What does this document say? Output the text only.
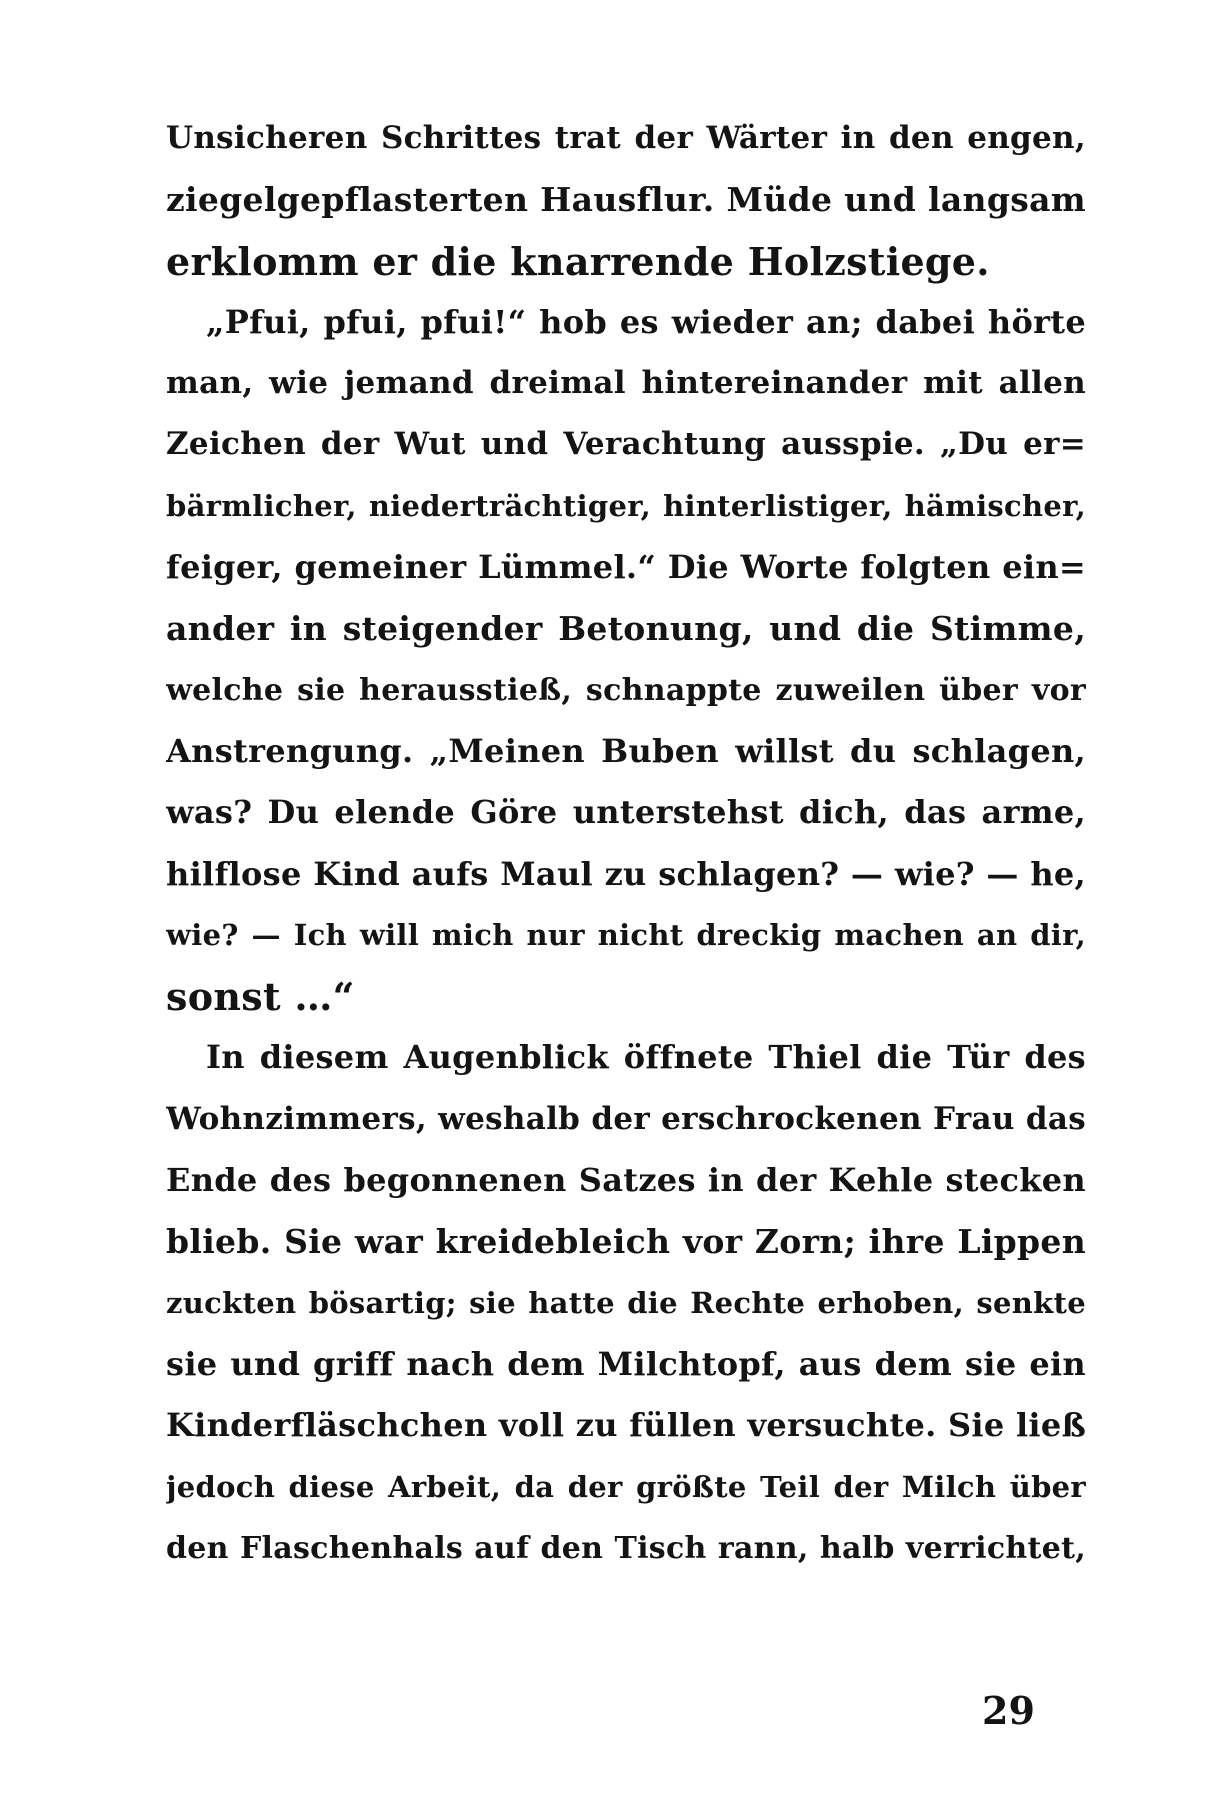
Unsicheren Schrittes trat der Wärter in den engen,
ziegelgepflasterten Hausflur. Müde und langsam
erklomm er die knarrende Holzstiege.
„Pfui, pfui, pfui!“ hob es wieder an; dabei hörte
man, wie jemand dreimal hintereinander mit allen
Zeichen der Wut und Verachtung ausspie. „Du er=
bärmlicher, niederträchtiger, hinterlistiger, hämischer,
feiger, gemeiner Lümmel.“ Die Worte folgten ein=
ander in steigender Betonung, und die Stimme,
welche sie herausstieß, schnappte zuweilen über vor
Anstrengung. „Meinen Buben willst du schlagen,
was? Du elende Göre unterstehst dich, das arme,
hilflose Kind aufs Maul zu schlagen? — wie? — he,
wie? — Ich will mich nur nicht dreckig machen an dir,
sonst …“
In diesem Augenblick öffnete Thiel die Tür des
Wohnzimmers, weshalb der erschrockenen Frau das
Ende des begonnenen Satzes in der Kehle stecken
blieb. Sie war kreidebleich vor Zorn; ihre Lippen
zuckten bösartig; sie hatte die Rechte erhoben, senkte
sie und griff nach dem Milchtopf, aus dem sie ein
Kinderfläschchen voll zu füllen versuchte. Sie ließ
jedoch diese Arbeit, da der größte Teil der Milch über
den Flaschenhals auf den Tisch rann, halb verrichtet,
29
